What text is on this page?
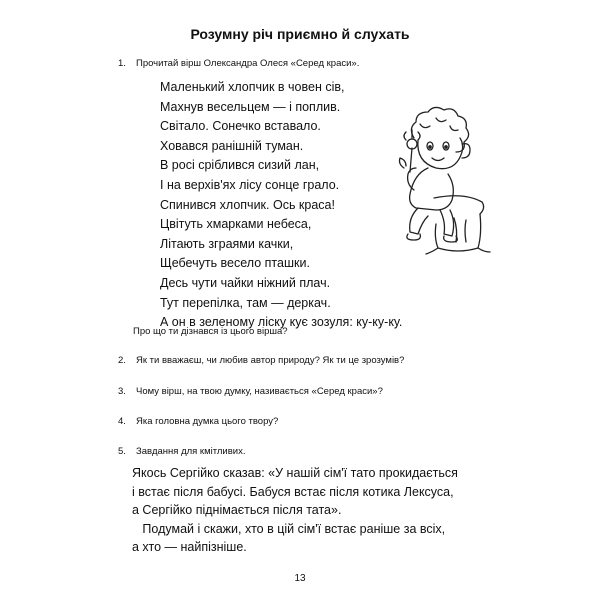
Розумну річ приємно й слухать
1. Прочитай вірш Олександра Олеся «Серед краси».
Маленький хлопчик в човен сів,
Махнув весельцем — і поплив.
Світало. Сонечко вставало.
Ховався ранішній туман.
В росі сріблився сизий лан,
І на верхів'ях лісу сонце грало.
Спинився хлопчик. Ось краса!
Цвітуть хмарками небеса,
Літають зграями качки,
Щебечуть весело пташки.
Десь чути чайки ніжний плач.
Тут перепілка, там — деркач.
А он в зеленому ліску кує зозуля: ку-ку-ку.
Про що ти дізнався із цього вірша?
2. Як ти вважаєш, чи любив автор природу? Як ти це зрозумів?
3. Чому вірш, на твою думку, називається «Серед краси»?
4. Яка головна думка цього твору?
5. Завдання для кмітливих.
Якось Сергійко сказав: «У нашій сім'ї тато прокидається
і встає після бабусі. Бабуся встає після котика Лексуса,
а Сергійко піднімається після тата».
Подумай і скажи, хто в цій сім'ї встає раніше за всіх,
а хто — найпізніше.
13
